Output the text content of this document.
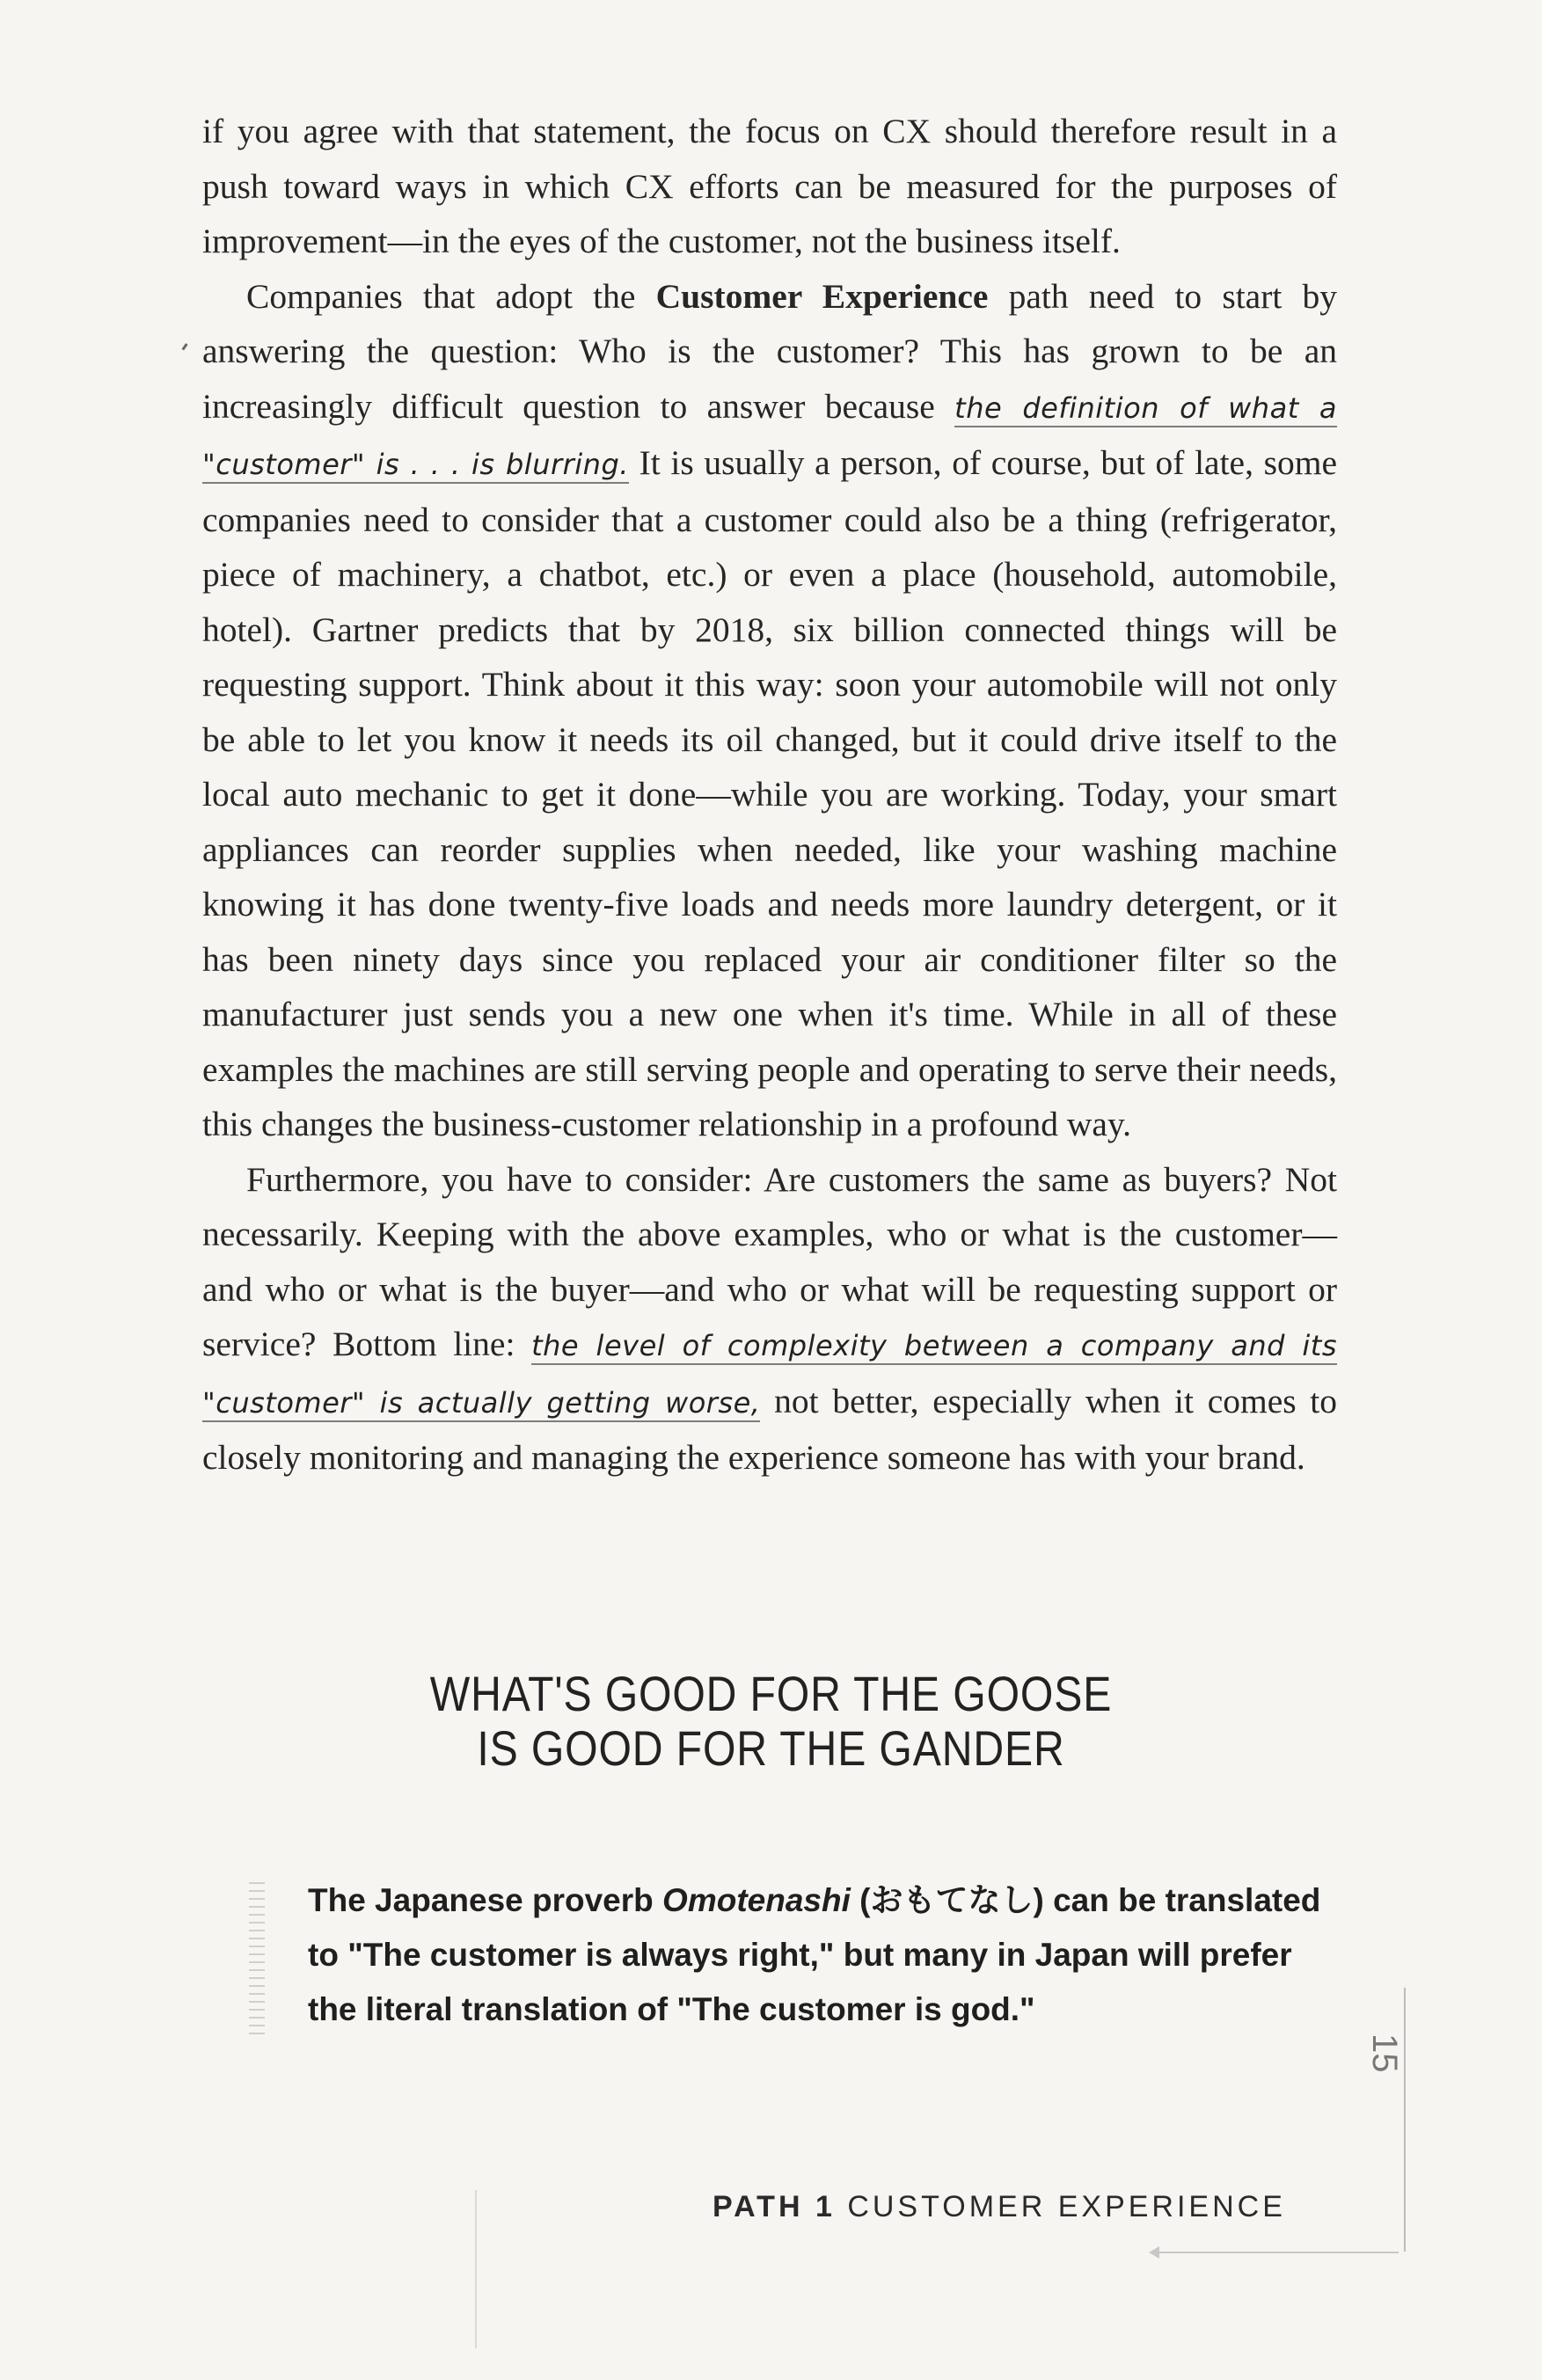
if you agree with that statement, the focus on CX should therefore result in a push toward ways in which CX efforts can be measured for the purposes of improvement—in the eyes of the customer, not the business itself.

Companies that adopt the Customer Experience path need to start by answering the question: Who is the customer? This has grown to be an increasingly difficult question to answer because the definition of what a "customer" is . . . is blurring. It is usually a person, of course, but of late, some companies need to consider that a customer could also be a thing (refrigerator, piece of machinery, a chatbot, etc.) or even a place (household, automobile, hotel). Gartner predicts that by 2018, six billion connected things will be requesting support. Think about it this way: soon your automobile will not only be able to let you know it needs its oil changed, but it could drive itself to the local auto mechanic to get it done—while you are working. Today, your smart appliances can reorder supplies when needed, like your washing machine knowing it has done twenty-five loads and needs more laundry detergent, or it has been ninety days since you replaced your air conditioner filter so the manufacturer just sends you a new one when it's time. While in all of these examples the machines are still serving people and operating to serve their needs, this changes the business-customer relationship in a profound way.

Furthermore, you have to consider: Are customers the same as buyers? Not necessarily. Keeping with the above examples, who or what is the customer—and who or what is the buyer—and who or what will be requesting support or service? Bottom line: the level of complexity between a company and its "customer" is actually getting worse, not better, especially when it comes to closely monitoring and managing the experience someone has with your brand.

WHAT'S GOOD FOR THE GOOSE
IS GOOD FOR THE GANDER

The Japanese proverb Omotenashi (おもてなし) can be translated to "The customer is always right," but many in Japan will prefer the literal translation of "The customer is god."

15

PATH 1 CUSTOMER EXPERIENCE
